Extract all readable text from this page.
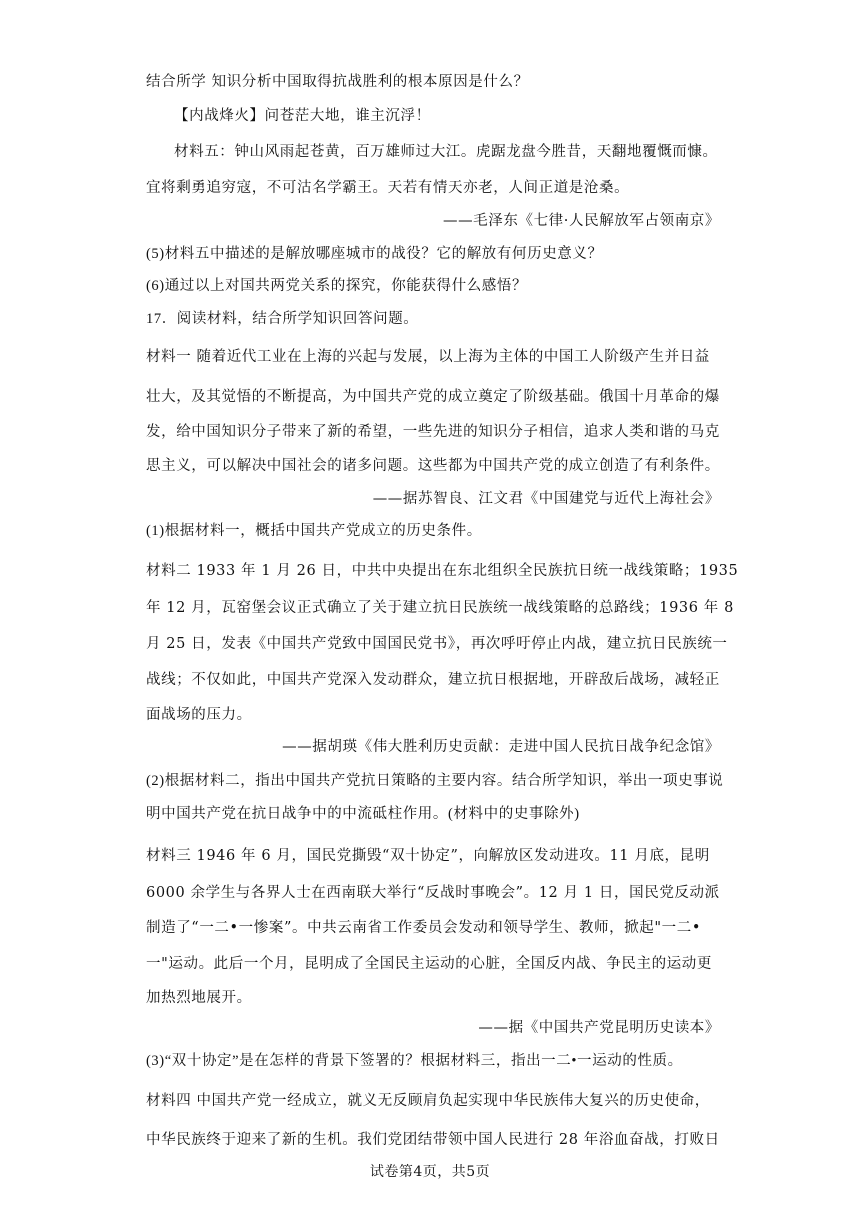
结合所学 知识分析中国取得抗战胜利的根本原因是什么？
【内战烽火】问苍茫大地，谁主沉浮！
材料五：钟山风雨起苍黄，百万雄师过大江。虎踞龙盘今胜昔，天翻地覆慨而慷。
宜将剩勇追穷寇，不可沽名学霸王。天若有情天亦老，人间正道是沧桑。
——毛泽东《七律·人民解放军占领南京》
(5)材料五中描述的是解放哪座城市的战役？它的解放有何历史意义？
(6)通过以上对国共两党关系的探究，你能获得什么感悟？
17．阅读材料，结合所学知识回答问题。
材料一 随着近代工业在上海的兴起与发展，以上海为主体的中国工人阶级产生并日益
壮大，及其觉悟的不断提高，为中国共产党的成立奠定了阶级基础。俄国十月革命的爆
发，给中国知识分子带来了新的希望，一些先进的知识分子相信，追求人类和谐的马克
思主义，可以解决中国社会的诸多问题。这些都为中国共产党的成立创造了有利条件。
——据苏智良、江文君《中国建党与近代上海社会》
(1)根据材料一，概括中国共产党成立的历史条件。
材料二 1933 年 1 月 26 日，中共中央提出在东北组织全民族抗日统一战线策略；1935
年 12 月，瓦窑堡会议正式确立了关于建立抗日民族统一战线策略的总路线；1936 年 8
月 25 日，发表《中国共产党致中国国民党书》，再次呼吁停止内战，建立抗日民族统一
战线；不仅如此，中国共产党深入发动群众，建立抗日根据地，开辟敌后战场，减轻正
面战场的压力。
——据胡瑛《伟大胜利历史贡献：走进中国人民抗日战争纪念馆》
(2)根据材料二，指出中国共产党抗日策略的主要内容。结合所学知识，举出一项史事说
明中国共产党在抗日战争中的中流砥柱作用。(材料中的史事除外)
材料三 1946 年 6 月，国民党撕毁“双十协定”，向解放区发动进攻。11 月底，昆明
6000 余学生与各界人士在西南联大举行“反战时事晚会”。12 月 1 日，国民党反动派
制造了“一二•一惨案”。中共云南省工作委员会发动和领导学生、教师，掀起"一二•
一"运动。此后一个月，昆明成了全国民主运动的心脏，全国反内战、争民主的运动更
加热烈地展开。
——据《中国共产党昆明历史读本》
(3)“双十协定”是在怎样的背景下签署的？根据材料三，指出一二•一运动的性质。
材料四 中国共产党一经成立，就义无反顾肩负起实现中华民族伟大复兴的历史使命，
中华民族终于迎来了新的生机。我们党团结带领中国人民进行 28 年浴血奋战，打败日
试卷第4页，共5页
